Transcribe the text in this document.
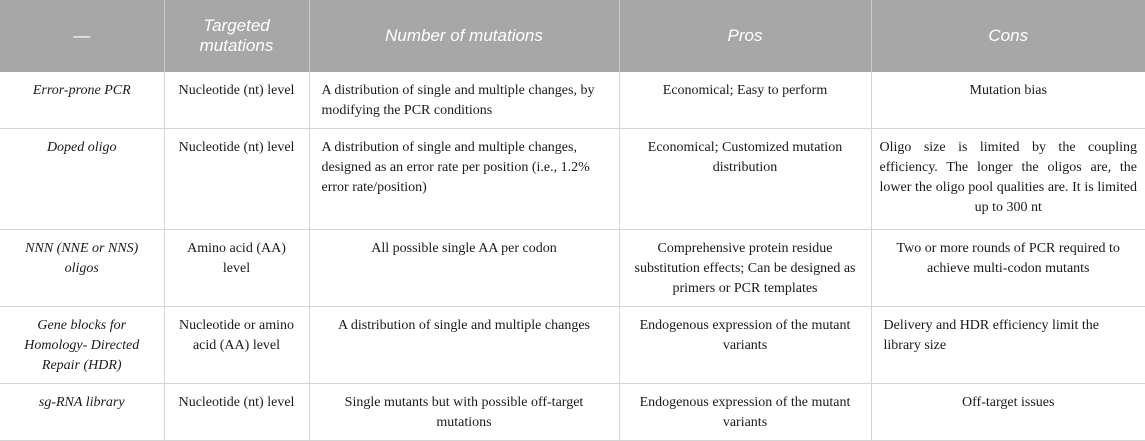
—	Targeted mutations	Number of mutations	Pros	Cons
Error-prone PCR	Nucleotide (nt) level	A distribution of single and multiple changes, by modifying the PCR conditions	Economical; Easy to perform	Mutation bias
Doped oligo	Nucleotide (nt) level	A distribution of single and multiple changes, designed as an error rate per position (i.e., 1.2% error rate/position)	Economical; Customized mutation distribution	Oligo size is limited by the coupling efficiency. The longer the oligos are, the lower the oligo pool qualities are. It is limited up to 300 nt
NNN (NNE or NNS) oligos	Amino acid (AA) level	All possible single AA per codon	Comprehensive protein residue substitution effects; Can be designed as primers or PCR templates	Two or more rounds of PCR required to achieve multi-codon mutants
Gene blocks for Homology- Directed Repair (HDR)	Nucleotide or amino acid (AA) level	A distribution of single and multiple changes	Endogenous expression of the mutant variants	Delivery and HDR efficiency limit the library size
sg-RNA library	Nucleotide (nt) level	Single mutants but with possible off-target mutations	Endogenous expression of the mutant variants	Off-target issues
